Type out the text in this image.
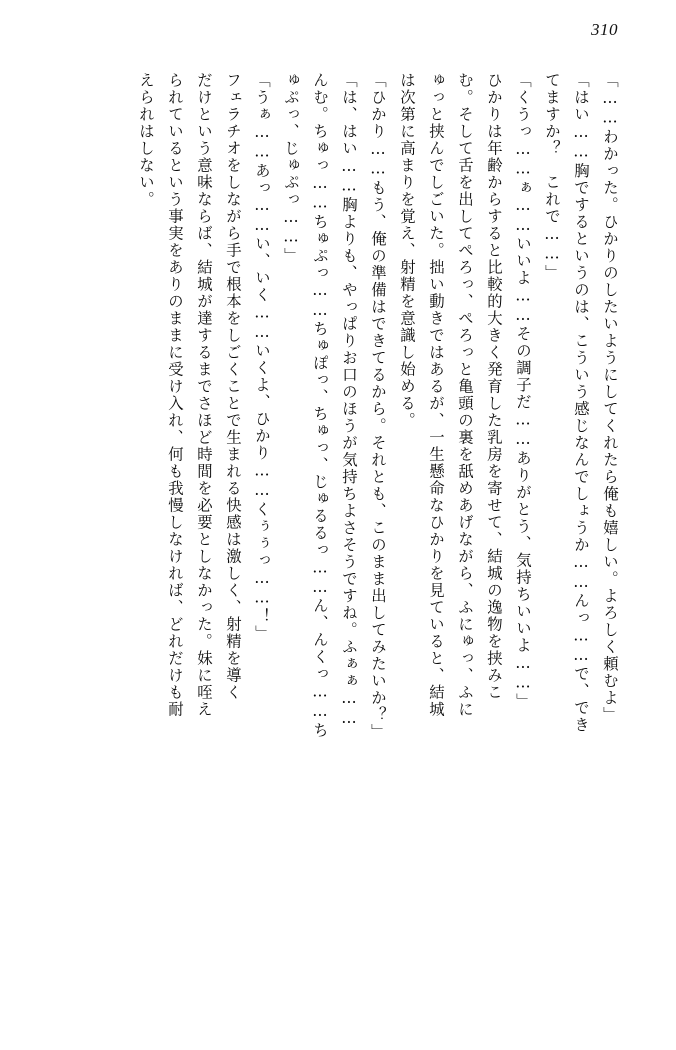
310
「……わかった。ひかりのしたいようにしてくれたら俺も嬉しい。よろしく頼むよ」
「はい……胸でするというのは、こういう感じなんでしょうか……んっ……で、でき
てますか？　これで……」
「くうっ……ぁ……いいよ……その調子だ……ありがとう、気持ちいいよ……」
ひかりは年齢からすると比較的大きく発育した乳房を寄せて、結城の逸物を挟みこ
む。そして舌を出してぺろっ、ぺろっと亀頭の裏を舐めあげながら、ふにゅっ、ふに
ゅっと挟んでしごいた。拙い動きではあるが、一生懸命なひかりを見ていると、結城
は次第に高まりを覚え、射精を意識し始める。
「ひかり……もう、俺の準備はできてるから。それとも、このまま出してみたいか？」
「は、はい……胸よりも、やっぱりお口のほうが気持ちよさそうですね。ふぁぁ……
んむ。ちゅっ……ちゅぷっ……ちゅぽっ、ちゅっ、じゅるるっ……ん、んくっ……ち
ゅぷっ、じゅぷっ……」
「うぁ……あっ……い、いく……いくよ、ひかり……くぅぅっ……！」
フェラチオをしながら手で根本をしごくことで生まれる快感は激しく、射精を導く
だけという意味ならば、結城が達するまでさほど時間を必要としなかった。妹に咥え
られているという事実をありのままに受け入れ、何も我慢しなければ、どれだけも耐
えられはしない。
